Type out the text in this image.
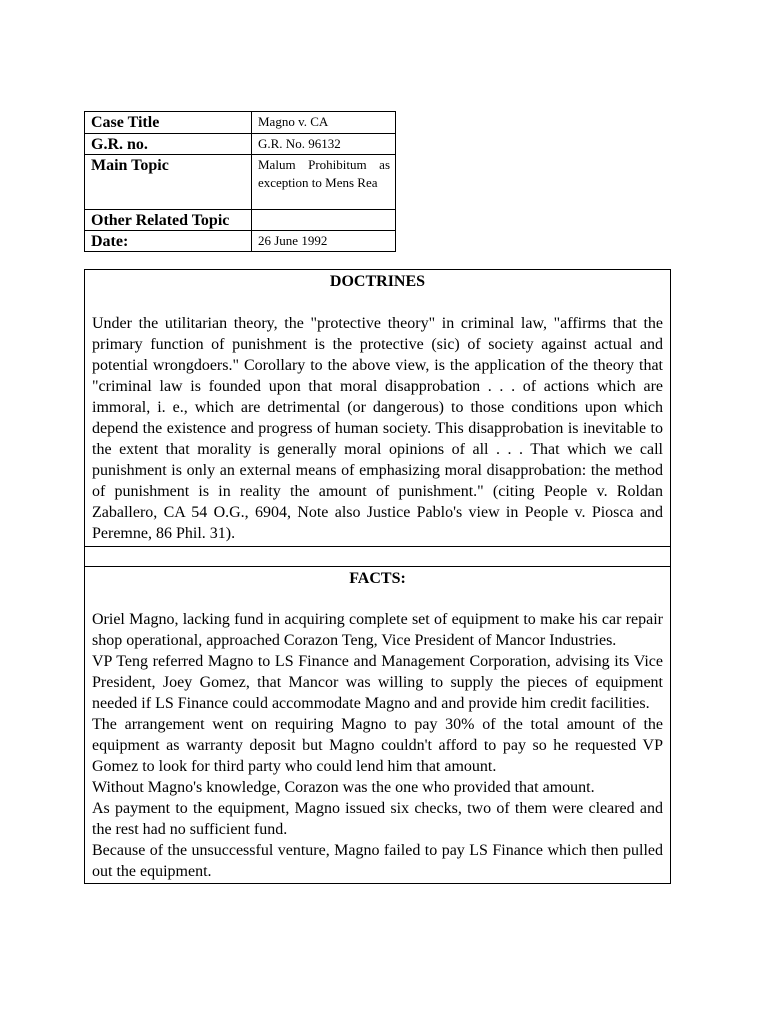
Case Title	Magno v. CA
G.R. no.	G.R. No. 96132
Main Topic	Malum Prohibitum as exception to Mens Rea
Other Related Topic	
Date:	26 June 1992
DOCTRINES

Under the utilitarian theory, the "protective theory" in criminal law, "affirms that the primary function of punishment is the protective (sic) of society against actual and potential wrongdoers." Corollary to the above view, is the application of the theory that "criminal law is founded upon that moral disapprobation . . . of actions which are immoral, i. e., which are detrimental (or dangerous) to those conditions upon which depend the existence and progress of human society. This disapprobation is inevitable to the extent that morality is generally moral opinions of all . . . That which we call punishment is only an external means of emphasizing moral disapprobation: the method of punishment is in reality the amount of punishment." (citing People v. Roldan Zaballero, CA 54 O.G., 6904, Note also Justice Pablo's view in People v. Piosca and Peremne, 86 Phil. 31).

FACTS:

Oriel Magno, lacking fund in acquiring complete set of equipment to make his car repair shop operational, approached Corazon Teng, Vice President of Mancor Industries.

VP Teng referred Magno to LS Finance and Management Corporation, advising its Vice President, Joey Gomez, that Mancor was willing to supply the pieces of equipment needed if LS Finance could accommodate Magno and and provide him credit facilities.

The arrangement went on requiring Magno to pay 30% of the total amount of the equipment as warranty deposit but Magno couldn't afford to pay so he requested VP Gomez to look for third party who could lend him that amount.

Without Magno's knowledge, Corazon was the one who provided that amount.

As payment to the equipment, Magno issued six checks, two of them were cleared and the rest had no sufficient fund.

Because of the unsuccessful venture, Magno failed to pay LS Finance which then pulled out the equipment.
